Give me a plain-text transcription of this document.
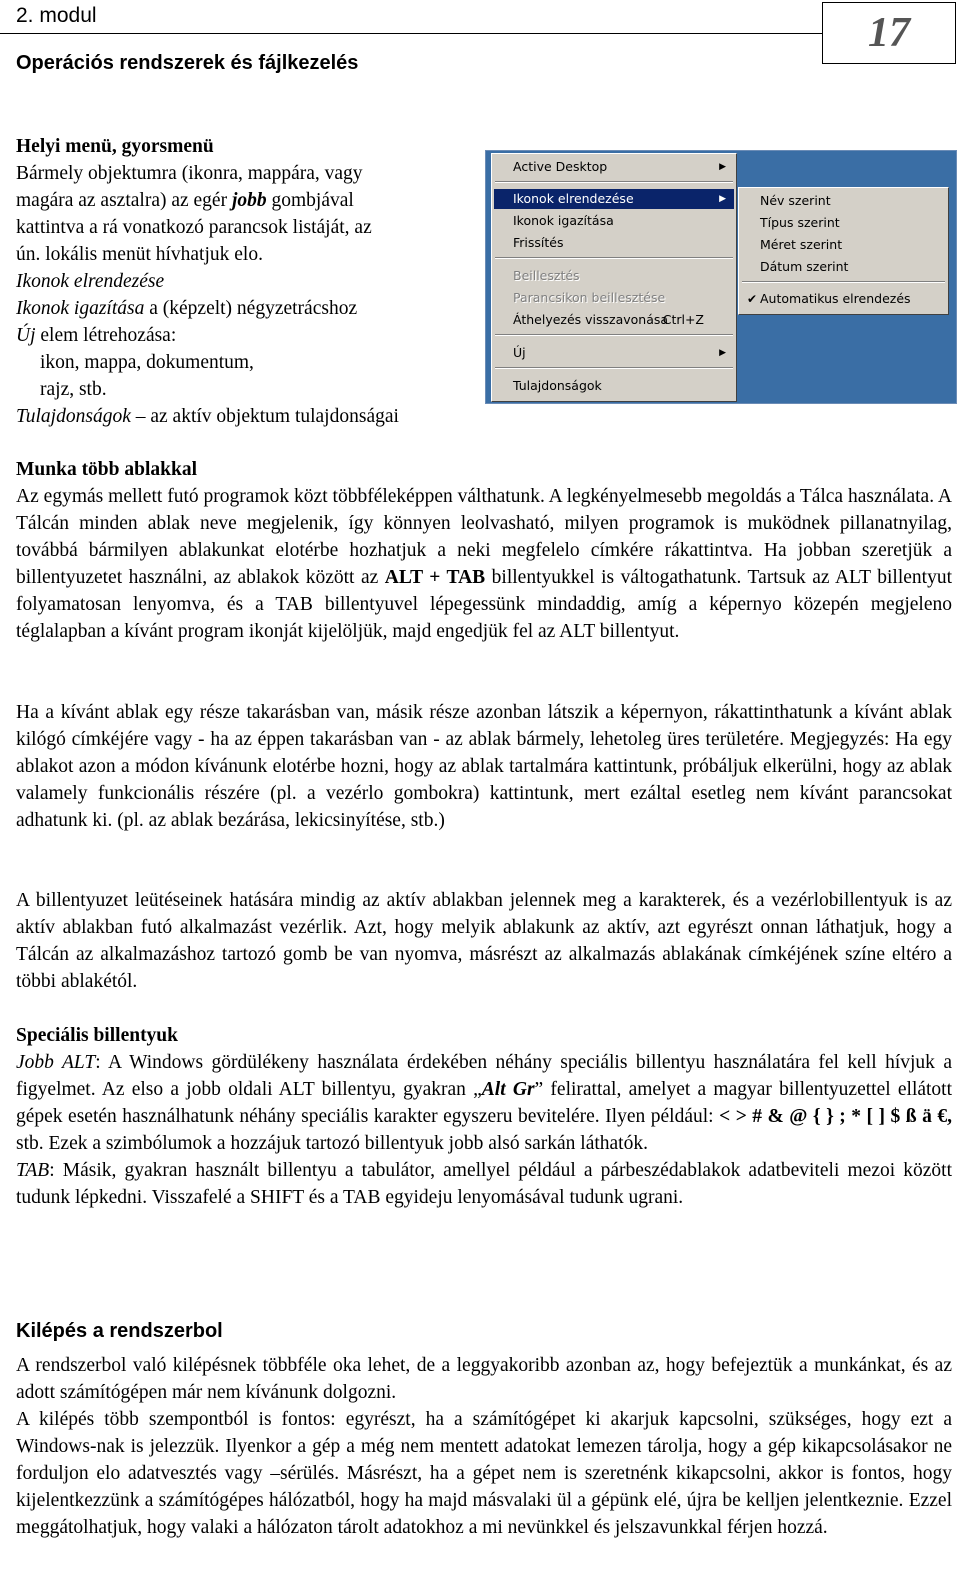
2. modul	17
Operációs rendszerek és fájlkezelés
Helyi menü, gyorsmenü
Bármely objektumra (ikonra, mappára, vagy
magára az asztalra) az egér jobb gombjával
kattintva a rá vonatkozó parancsok listáját, az
ún. lokális menüt hívhatjuk elo.
Ikonok elrendezése
Ikonok igazítása a (képzelt) négyzetrácshoz
Új elem létrehozása:
ikon, mappa, dokumentum,
rajz, stb.
Tulajdonságok – az aktív objektum tulajdonságai
Active Desktop	▶
Ikonok elrendezése	▶
Ikonok igazítása
Frissítés
Beillesztés
Parancsikon beillesztése
Áthelyezés visszavonása
Ctrl+Z
Új	▶
Tulajdonságok
Név szerint
Típus szerint
Méret szerint
Dátum szerint
✔ Automatikus elrendezés
Munka több ablakkal
Az egymás mellett futó programok közt többféleképpen válthatunk. A legkényelmesebb megoldás a Tálca használata. A Tálcán minden ablak neve megjelenik, így könnyen leolvasható, milyen programok is muködnek pillanatnyilag, továbbá bármilyen ablakunkat elotérbe hozhatjuk a neki megfelelo címkére rákattintva. Ha jobban szeretjük a billentyuzetet használni, az ablakok között az ALT + TAB billentyukkel is váltogathatunk. Tartsuk az ALT billentyut folyamatosan lenyomva, és a TAB billentyuvel lépegessünk mindaddig, amíg a képernyo közepén megjeleno téglalapban a kívánt program ikonját kijelöljük, majd engedjük fel az ALT billentyut.
Ha a kívánt ablak egy része takarásban van, másik része azonban látszik a képernyon, rákattinthatunk a kívánt ablak kilógó címkéjére vagy - ha az éppen takarásban van - az ablak bármely, lehetoleg üres területére. Megjegyzés: Ha egy ablakot azon a módon kívánunk elotérbe hozni, hogy az ablak tartalmára kattintunk, próbáljuk elkerülni, hogy az ablak valamely funkcionális részére (pl. a vezérlo gombokra) kattintunk, mert ezáltal esetleg nem kívánt parancsokat adhatunk ki. (pl. az ablak bezárása, lekicsinyítése, stb.)
A billentyuzet leütéseinek hatására mindig az aktív ablakban jelennek meg a karakterek, és a vezérlobillentyuk is az aktív ablakban futó alkalmazást vezérlik. Azt, hogy melyik ablakunk az aktív, azt egyrészt onnan láthatjuk, hogy a Tálcán az alkalmazáshoz tartozó gomb be van nyomva, másrészt az alkalmazás ablakának címkéjének színe eltéro a többi ablakétól.
Speciális billentyuk
Jobb ALT: A Windows gördülékeny használata érdekében néhány speciális billentyu használatára fel kell hívjuk a figyelmet. Az elso a jobb oldali ALT billentyu, gyakran „Alt Gr” felirattal, amelyet a magyar billentyuzettel ellátott gépek esetén használhatunk néhány speciális karakter egyszeru bevitelére. Ilyen például: < > # & @ { } ; * [ ] $ ß ä €, stb. Ezek a szimbólumok a hozzájuk tartozó billentyuk jobb alsó sarkán láthatók.
TAB: Másik, gyakran használt billentyu a tabulátor, amellyel például a párbeszédablakok adatbeviteli mezoi között tudunk lépkedni. Visszafelé a SHIFT és a TAB egyideju lenyomásával tudunk ugrani.
Kilépés a rendszerbol
A rendszerbol való kilépésnek többféle oka lehet, de a leggyakoribb azonban az, hogy befejeztük a munkánkat, és az adott számítógépen már nem kívánunk dolgozni.
A kilépés több szempontból is fontos: egyrészt, ha a számítógépet ki akarjuk kapcsolni, szükséges, hogy ezt a Windows-nak is jelezzük. Ilyenkor a gép a még nem mentett adatokat lemezen tárolja, hogy a gép kikapcsolásakor ne forduljon elo adatvesztés vagy –sérülés. Másrészt, ha a gépet nem is szeretnénk kikapcsolni, akkor is fontos, hogy kijelentkezzünk a számítógépes hálózatból, hogy ha majd másvalaki ül a gépünk elé, újra be kelljen jelentkeznie. Ezzel meggátolhatjuk, hogy valaki a hálózaton tárolt adatokhoz a mi nevünkkel és jelszavunkkal férjen hozzá.
